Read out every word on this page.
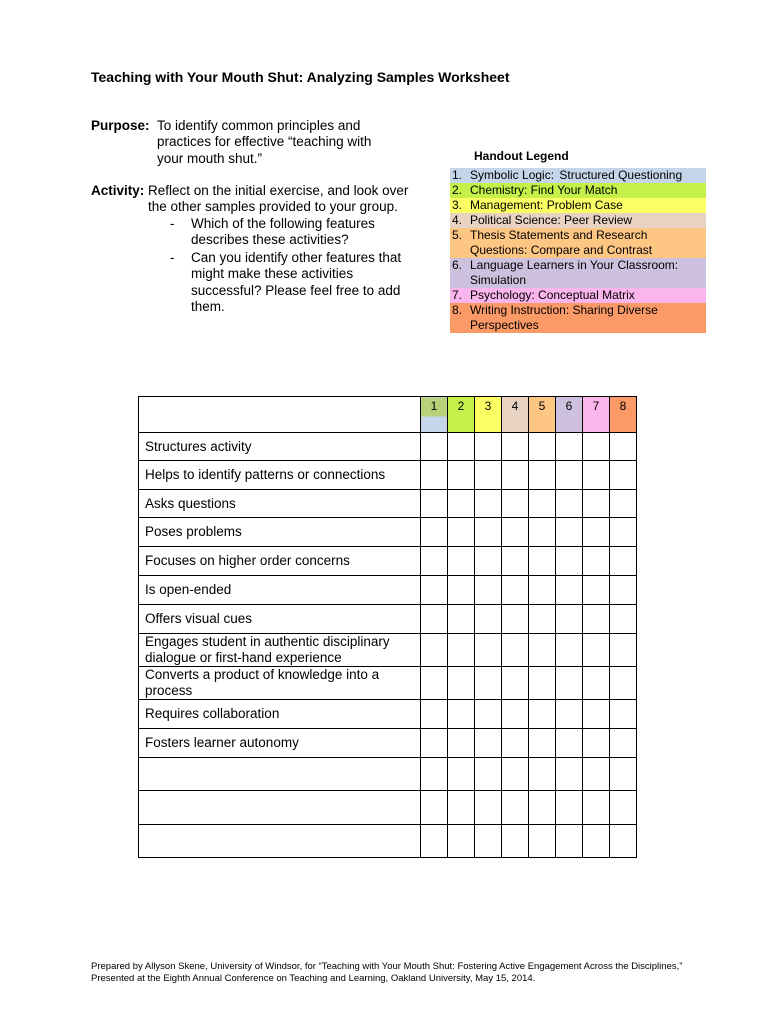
Teaching with Your Mouth Shut: Analyzing Samples Worksheet
Purpose: To identify common principles and
practices for effective “teaching with
your mouth shut.”
Activity: Reflect on the initial exercise, and look over
the other samples provided to your group.
-	Which of the following features
describes these activities?
-	Can you identify other features that
might make these activities
successful? Please feel free to add
them.
Handout Legend
1. Symbolic Logic: Structured Questioning
2. Chemistry: Find Your Match
3. Management: Problem Case
4. Political Science: Peer Review
5. Thesis Statements and Research Questions: Compare and Contrast
6. Language Learners in Your Classroom: Simulation
7. Psychology: Conceptual Matrix
8. Writing Instruction: Sharing Diverse Perspectives
	1	2	3	4	5	6	7	8

Structures activity								
Helps to identify patterns or connections								
Asks questions								
Poses problems								
Focuses on higher order concerns								
Is open-ended								
Offers visual cues								
Engages student in authentic disciplinary dialogue or first-hand experience								
Converts a product of knowledge into a process								
Requires collaboration								
Fosters learner autonomy								

Prepared by Allyson Skene, University of Windsor, for “Teaching with Your Mouth Shut: Fostering Active Engagement Across the Disciplines,” Presented at the Eighth Annual Conference on Teaching and Learning, Oakland University, May 15, 2014.
